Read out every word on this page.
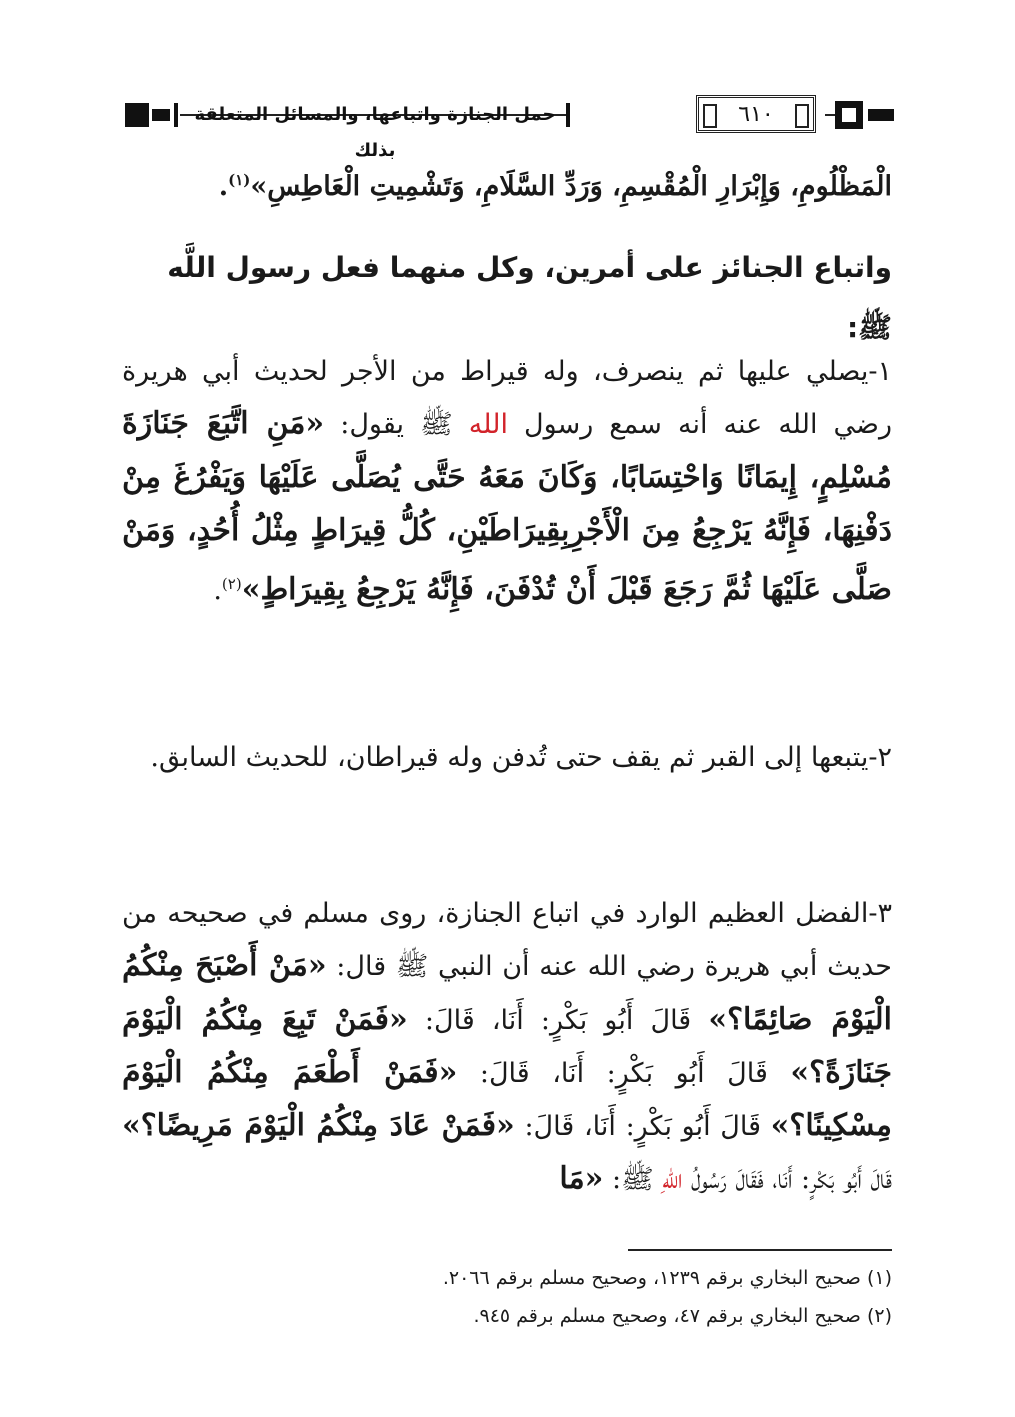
حمل الجنازة واتباعها، والمسائل المتعلقة بذلك
٦١٠

الْمَظْلُومِ، وَإِبْرَارِ الْمُقْسِمِ، وَرَدِّ السَّلَامِ، وَتَشْمِيتِ الْعَاطِسِ»$^{(١)}$.

واتباع الجنائز على أمرين، وكل منهما فعل رسول اللَّه ﷺ:

١-يصلي عليها ثم ينصرف، وله قيراط من الأجر لحديث أبي هريرة رضي الله عنه أنه سمع رسول الله ﷺ يقول: «مَنِ اتَّبَعَ جَنَازَةَ مُسْلِمٍ، إِيمَانًا وَاحْتِسَابًا، وَكَانَ مَعَهُ حَتَّى يُصَلَّى عَلَيْهَا وَيَفْرُغَ مِنْ دَفْنِهَا، فَإِنَّهُ يَرْجِعُ مِنَ الْأَجْرِبِقِيرَاطَيْنِ، كُلُّ قِيرَاطٍ مِثْلُ أُحُدٍ، وَمَنْ صَلَّى عَلَيْهَا ثُمَّ رَجَعَ قَبْلَ أَنْ تُدْفَنَ، فَإِنَّهُ يَرْجِعُ بِقِيرَاطٍ»$^{(٢)}$.

٢-يتبعها إلى القبر ثم يقف حتى تُدفن وله قيراطان، للحديث السابق.

٣-الفضل العظيم الوارد في اتباع الجنازة، روى مسلم في صحيحه من حديث أبي هريرة رضي الله عنه أن النبي ﷺ قال: «مَنْ أَصْبَحَ مِنْكُمُ الْيَوْمَ صَائِمًا؟» قَالَ أَبُو بَكْرٍ: أَنَا، قَالَ: «فَمَنْ تَبِعَ مِنْكُمُ الْيَوْمَ جَنَازَةً؟» قَالَ أَبُو بَكْرٍ: أَنَا، قَالَ: «فَمَنْ أَطْعَمَ مِنْكُمُ الْيَوْمَ مِسْكِينًا؟» قَالَ أَبُو بَكْرٍ: أَنَا، قَالَ: «فَمَنْ عَادَ مِنْكُمُ الْيَوْمَ مَرِيضًا؟» قَالَ أَبُو بَكْرٍ: أَنَا، فَقَالَ رَسُولُ اللهِ ﷺ: «مَا

(١) صحيح البخاري برقم ١٢٣٩، وصحيح مسلم برقم ٢٠٦٦.

(٢) صحيح البخاري برقم ٤٧، وصحيح مسلم برقم ٩٤٥.
